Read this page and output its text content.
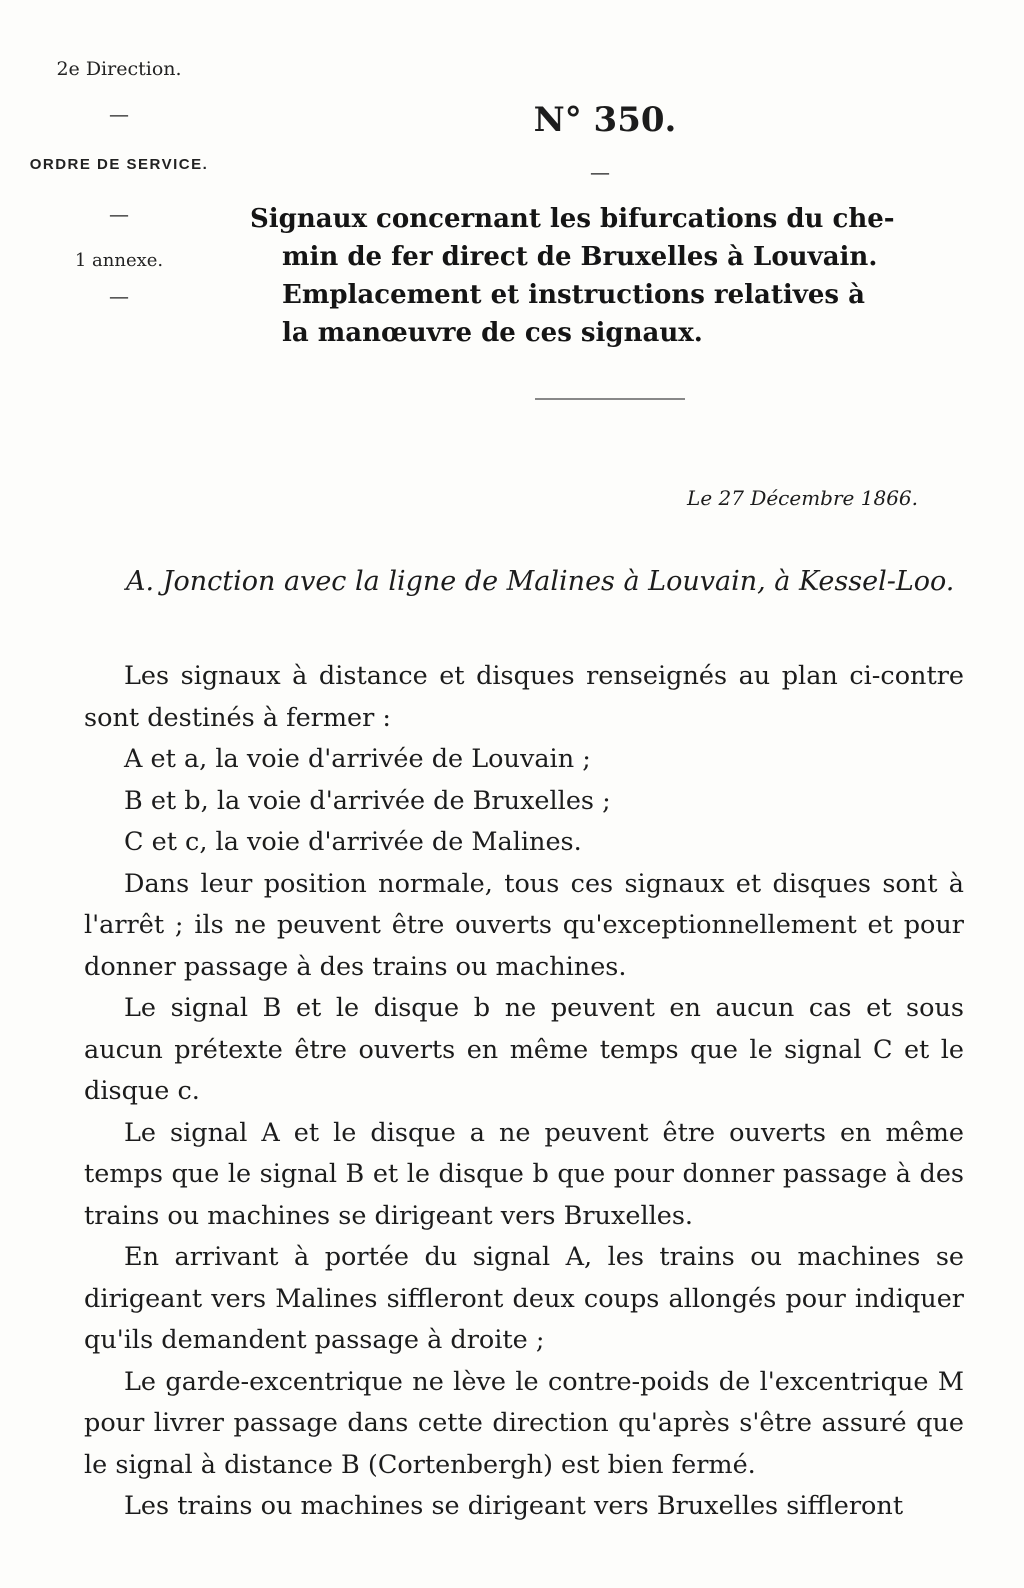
2e Direction.
—
ORDRE DE SERVICE.
—
1 annexe.
—
N° 350.
—
Signaux concernant les bifurcations du che-
min de fer direct de Bruxelles à Louvain.
Emplacement et instructions relatives à
la manœuvre de ces signaux.
Le 27 Décembre 1866.
A. Jonction avec la ligne de Malines à Louvain, à Kessel-Loo.

Les signaux à distance et disques renseignés au plan ci-contre sont destinés à fermer :

A et a, la voie d'arrivée de Louvain ;

B et b, la voie d'arrivée de Bruxelles ;

C et c, la voie d'arrivée de Malines.

Dans leur position normale, tous ces signaux et disques sont à l'arrêt ; ils ne peuvent être ouverts qu'exceptionnellement et pour donner passage à des trains ou machines.

Le signal B et le disque b ne peuvent en aucun cas et sous aucun prétexte être ouverts en même temps que le signal C et le disque c.

Le signal A et le disque a ne peuvent être ouverts en même temps que le signal B et le disque b que pour donner passage à des trains ou machines se dirigeant vers Bruxelles.

En arrivant à portée du signal A, les trains ou machines se dirigeant vers Malines siffleront deux coups allongés pour indiquer qu'ils demandent passage à droite ;

Le garde-excentrique ne lève le contre-poids de l'excentrique M pour livrer passage dans cette direction qu'après s'être assuré que le signal à distance B (Cortenbergh) est bien fermé.

Les trains ou machines se dirigeant vers Bruxelles siffleront
